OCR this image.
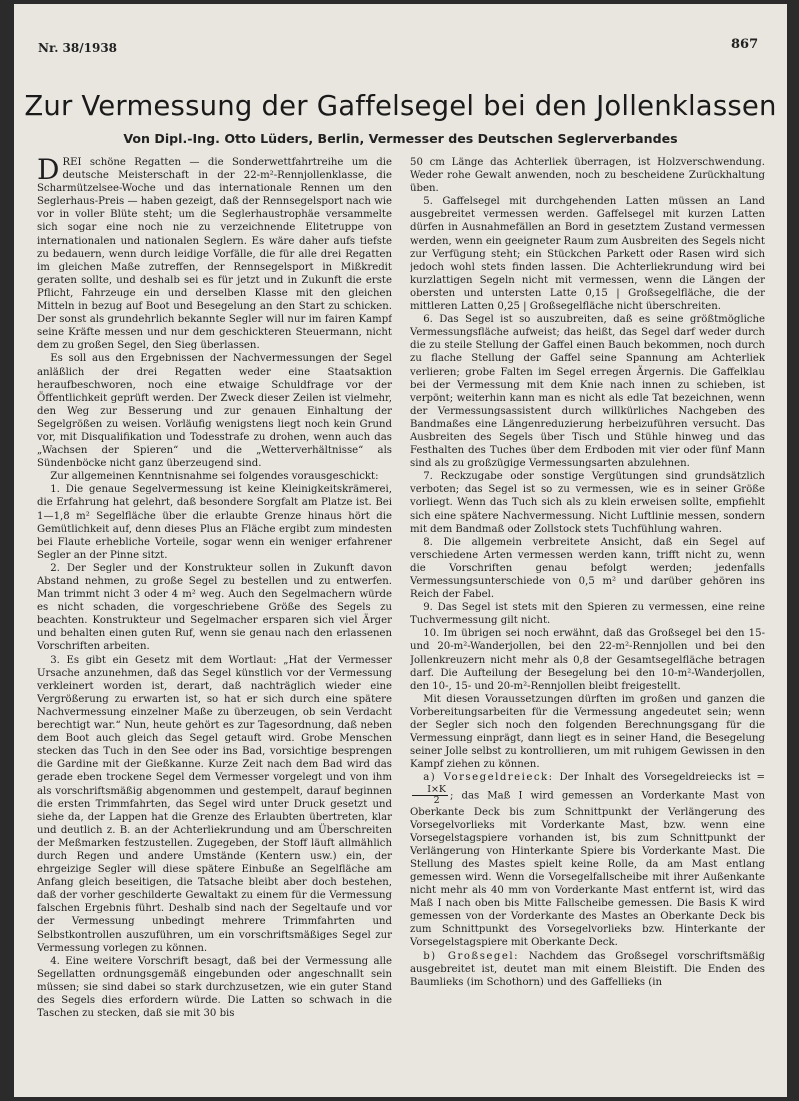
Nr. 38/1938	867
Zur Vermessung der Gaffelsegel bei den Jollenklassen
Von Dipl.-Ing. Otto Lüders, Berlin, Vermesser des Deutschen Seglerverbandes

DREI schöne Regatten — die Sonderwettfahrtreihe um die deutsche Meisterschaft in der 22-m²-Rennjollenklasse, die Scharmützelsee-Woche und das internationale Rennen um den Seglerhaus-Preis — haben gezeigt, daß der Rennsegelsport nach wie vor in voller Blüte steht; um die Seglerhaustrophäe versammelte sich sogar eine noch nie zu verzeichnende Elitetruppe von internationalen und nationalen Seglern. Es wäre daher aufs tiefste zu bedauern, wenn durch leidige Vorfälle, die für alle drei Regatten im gleichen Maße zutreffen, der Rennsegelsport in Mißkredit geraten sollte, und deshalb sei es für jetzt und in Zukunft die erste Pflicht, Fahrzeuge ein und derselben Klasse mit den gleichen Mitteln in bezug auf Boot und Besegelung an den Start zu schicken. Der sonst als grundehrlich bekannte Segler will nur im fairen Kampf seine Kräfte messen und nur dem geschickteren Steuermann, nicht dem zu großen Segel, den Sieg überlassen.

Es soll aus den Ergebnissen der Nachvermessungen der Segel anläßlich der drei Regatten weder eine Staatsaktion heraufbeschworen, noch eine etwaige Schuldfrage vor der Öffentlichkeit geprüft werden. Der Zweck dieser Zeilen ist vielmehr, den Weg zur Besserung und zur genauen Einhaltung der Segelgrößen zu weisen. Vorläufig wenigstens liegt noch kein Grund vor, mit Disqualifikation und Todesstrafe zu drohen, wenn auch das „Wachsen der Spieren“ und die „Wetterverhältnisse“ als Sündenböcke nicht ganz überzeugend sind.

Zur allgemeinen Kenntnisnahme sei folgendes vorausgeschickt:

1. Die genaue Segelvermessung ist keine Kleinigkeitskrämerei, die Erfahrung hat gelehrt, daß besondere Sorgfalt am Platze ist. Bei 1—1,8 m² Segelfläche über die erlaubte Grenze hinaus hört die Gemütlichkeit auf, denn dieses Plus an Fläche ergibt zum mindesten bei Flaute erhebliche Vorteile, sogar wenn ein weniger erfahrener Segler an der Pinne sitzt.

2. Der Segler und der Konstrukteur sollen in Zukunft davon Abstand nehmen, zu große Segel zu bestellen und zu entwerfen. Man trimmt nicht 3 oder 4 m² weg. Auch den Segelmachern würde es nicht schaden, die vorgeschriebene Größe des Segels zu beachten. Konstrukteur und Segelmacher ersparen sich viel Ärger und behalten einen guten Ruf, wenn sie genau nach den erlassenen Vorschriften arbeiten.

3. Es gibt ein Gesetz mit dem Wortlaut: „Hat der Vermesser Ursache anzunehmen, daß das Segel künstlich vor der Vermessung verkleinert worden ist, derart, daß nachträglich wieder eine Vergrößerung zu erwarten ist, so hat er sich durch eine spätere Nachvermessung einzelner Maße zu überzeugen, ob sein Verdacht berechtigt war.“ Nun, heute gehört es zur Tagesordnung, daß neben dem Boot auch gleich das Segel getauft wird. Grobe Menschen stecken das Tuch in den See oder ins Bad, vorsichtige besprengen die Gardine mit der Gießkanne. Kurze Zeit nach dem Bad wird das gerade eben trockene Segel dem Vermesser vorgelegt und von ihm als vorschriftsmäßig abgenommen und gestempelt, darauf beginnen die ersten Trimmfahrten, das Segel wird unter Druck gesetzt und siehe da, der Lappen hat die Grenze des Erlaubten übertreten, klar und deutlich z. B. an der Achterliekrundung und am Überschreiten der Meßmarken festzustellen. Zugegeben, der Stoff läuft allmählich durch Regen und andere Umstände (Kentern usw.) ein, der ehrgeizige Segler will diese spätere Einbuße an Segelfläche am Anfang gleich beseitigen, die Tatsache bleibt aber doch bestehen, daß der vorher geschilderte Gewaltakt zu einem für die Vermessung falschen Ergebnis führt. Deshalb sind nach der Segeltaufe und vor der Vermessung unbedingt mehrere Trimmfahrten und Selbstkontrollen auszuführen, um ein vorschriftsmäßiges Segel zur Vermessung vorlegen zu können.

4. Eine weitere Vorschrift besagt, daß bei der Vermessung alle Segellatten ordnungsgemäß eingebunden oder angeschnallt sein müssen; sie sind dabei so stark durchzusetzen, wie ein guter Stand des Segels dies erfordern würde. Die Latten so schwach in die Taschen zu stecken, daß sie mit 30 bis

50 cm Länge das Achterliek überragen, ist Holzverschwendung. Weder rohe Gewalt anwenden, noch zu bescheidene Zurückhaltung üben.

5. Gaffelsegel mit durchgehenden Latten müssen an Land ausgebreitet vermessen werden. Gaffelsegel mit kurzen Latten dürfen in Ausnahmefällen an Bord in gesetztem Zustand vermessen werden, wenn ein geeigneter Raum zum Ausbreiten des Segels nicht zur Verfügung steht; ein Stückchen Parkett oder Rasen wird sich jedoch wohl stets finden lassen. Die Achterliekrundung wird bei kurzlattigen Segeln nicht mit vermessen, wenn die Längen der obersten und untersten Latte 0,15 | Großsegelfläche, die der mittleren Latten 0,25 | Großsegelfläche nicht überschreiten.

6. Das Segel ist so auszubreiten, daß es seine größtmögliche Vermessungsfläche aufweist; das heißt, das Segel darf weder durch die zu steile Stellung der Gaffel einen Bauch bekommen, noch durch zu flache Stellung der Gaffel seine Spannung am Achterliek verlieren; grobe Falten im Segel erregen Ärgernis. Die Gaffelklau bei der Vermessung mit dem Knie nach innen zu schieben, ist verpönt; weiterhin kann man es nicht als edle Tat bezeichnen, wenn der Vermessungsassistent durch willkürliches Nachgeben des Bandmaßes eine Längenreduzierung herbeizuführen versucht. Das Ausbreiten des Segels über Tisch und Stühle hinweg und das Festhalten des Tuches über dem Erdboden mit vier oder fünf Mann sind als zu großzügige Vermessungsarten abzulehnen.

7. Reckzugabe oder sonstige Vergütungen sind grundsätzlich verboten; das Segel ist so zu vermessen, wie es in seiner Größe vorliegt. Wenn das Tuch sich als zu klein erweisen sollte, empfiehlt sich eine spätere Nachvermessung. Nicht Luftlinie messen, sondern mit dem Bandmaß oder Zollstock stets Tuchfühlung wahren.

8. Die allgemein verbreitete Ansicht, daß ein Segel auf verschiedene Arten vermessen werden kann, trifft nicht zu, wenn die Vorschriften genau befolgt werden; jedenfalls Vermessungsunterschiede von 0,5 m² und darüber gehören ins Reich der Fabel.

9. Das Segel ist stets mit den Spieren zu vermessen, eine reine Tuchvermessung gilt nicht.

10. Im übrigen sei noch erwähnt, daß das Großsegel bei den 15- und 20-m²-Wanderjollen, bei den 22-m²-Rennjollen und bei den Jollenkreuzern nicht mehr als 0,8 der Gesamtsegelfläche betragen darf. Die Aufteilung der Besegelung bei den 10-m²-Wanderjollen, den 10-, 15- und 20-m²-Rennjollen bleibt freigestellt.

Mit diesen Voraussetzungen dürften im großen und ganzen die Vorbereitungsarbeiten für die Vermessung angedeutet sein; wenn der Segler sich noch den folgenden Berechnungsgang für die Vermessung einprägt, dann liegt es in seiner Hand, die Besegelung seiner Jolle selbst zu kontrollieren, um mit ruhigem Gewissen in den Kampf ziehen zu können.

a) Vorsegeldreieck: Der Inhalt des Vorsegeldreiecks ist =
$\frac{I\times K}{2}$ ; das Maß I wird gemessen an Vorderkante Mast von Oberkante Deck bis zum Schnittpunkt der Verlängerung des Vorsegelvorlieks mit Vorderkante Mast, bzw. wenn eine Vorsegelstagspiere vorhanden ist, bis zum Schnittpunkt der Verlängerung von Hinterkante Spiere bis Vorderkante Mast. Die Stellung des Mastes spielt keine Rolle, da am Mast entlang gemessen wird. Wenn die Vorsegelfallscheibe mit ihrer Außenkante nicht mehr als 40 mm von Vorderkante Mast entfernt ist, wird das Maß I nach oben bis Mitte Fallscheibe gemessen. Die Basis K wird gemessen von der Vorderkante des Mastes an Oberkante Deck bis zum Schnittpunkt des Vorsegelvorlieks bzw. Hinterkante der Vorsegelstagspiere mit Oberkante Deck.

b) Großsegel: Nachdem das Großsegel vorschriftsmäßig ausgebreitet ist, deutet man mit einem Bleistift. Die Enden des Baumlieks (im Schothorn) und des Gaffellieks (in
